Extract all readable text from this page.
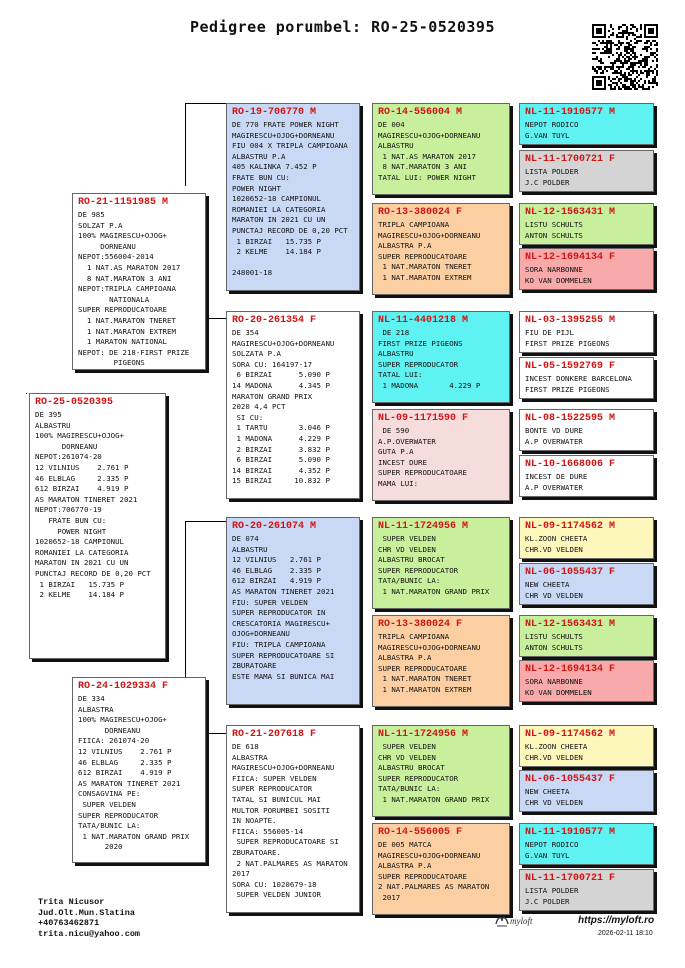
Pedigree porumbel: RO-25-0520395
RO-25-0520395
DE 395
ALBASTRU
100% MAGIRESCU+OJOG+
DORNEANU
NEPOT:261074-20
12 VILNIUS    2.761 P
46 ELBLAG     2.335 P
612 BIRZAI    4.919 P
AS MARATON TINERET 2021
NEPOT:706770-19
FRATE BUN CU:
POWER NIGHT
1020652-18 CAMPIONUL
ROMANIEI LA CATEGORIA
MARATON IN 2021 CU UN
PUNCTAJ RECORD DE 0,20 PCT
1 BIRZAI   15.735 P
2 KELME    14.184 P
RO-21-1151985 M
DE 985
SOLZAT P.A
100% MAGIRESCU+OJOG+
DORNEANU
NEPOT:556004-2014
1 NAT.AS MARATON 2017
8 NAT.MARATON 3 ANI
NEPOT:TRIPLA CAMPIOANA
NATIONALA
SUPER REPRODUCATOARE
1 NAT.MARATON TNERET
1 NAT.MARATON EXTREM
1 MARATON NATIONAL
NEPOT: DE 218-FIRST PRIZE
PIGEONS
RO-24-1029334 F
DE 334
ALBASTRA
100% MAGIRESCU+OJOG+
DORNEANU
FIICA: 261074-20
12 VILNIUS    2.761 P
46 ELBLAG     2.335 P
612 BIRZAI    4.919 P
AS MARATON TINERET 2021
CONSAGVINA PE:
SUPER VELDEN
SUPER REPRODUCATOR
TATA/BUNIC LA:
1 NAT.MARATON GRAND PRIX
2020
RO-19-706770 M
DE 770 FRATE POWER NIGHT
MAGIRESCU+OJOG+DORNEANU
FIU 004 X TRIPLA CAMPIOANA
ALBASTRU P.A
405 KALINKA 7.452 P
FRATE BUN CU:
POWER NIGHT
1020652-18 CAMPIONUL
ROMANIEI LA CATEGORIA
MARATON IN 2021 CU UN
PUNCTAJ RECORD DE 0,20 PCT
1 BIRZAI   15.735 P
2 KELME    14.184 P

248001-18
RO-20-261354 F
DE 354
MAGIRESCU+OJOG+DORNEANU
SOLZATA P.A
SORA CU: 164197-17
6 BIRZAI      5.090 P
14 MADONA      4.345 P
MARATON GRAND PRIX
2020 4,4 PCT
SI CU:
1 TARTU       3.046 P
1 MADONA      4.229 P
2 BIRZAI      3.832 P
6 BIRZAI      5.090 P
14 BIRZAI      4.352 P
15 BIRZAI     10.832 P
RO-20-261074 M
DE 074
ALBASTRU
12 VILNIUS   2.761 P
46 ELBLAG    2.335 P
612 BIRZAI   4.919 P
AS MARATON TINERET 2021
FIU: SUPER VELDEN
SUPER REPRODUCATOR IN
CRESCATORIA MAGIRESCU+
OJOG+DORNEANU
FIU: TRIPLA CAMPIOANA
SUPER REPRODUCATOARE SI
ZBURATOARE
ESTE MAMA SI BUNICA MAI
RO-21-207618 F
DE 618
ALBASTRA
MAGIRESCU+OJOG+DORNEANU
FIICA: SUPER VELDEN
SUPER REPRODUCATOR
TATAL SI BUNICUL MAI
MULTOR PORUMBEI SOSITI
IN NOAPTE.
FIICA: 556005-14
SUPER REPRODUCATOARE SI
ZBURATOARE.
2 NAT.PALMARES AS MARATON
2017
SORA CU: 1020679-18
SUPER VELDEN JUNIOR
RO-14-556004 M
DE 004
MAGIRESCU+OJOG+DORNEANU
ALBASTRU
1 NAT.AS MARATON 2017
8 NAT.MARATON 3 ANI
TATAL LUI: POWER NIGHT
RO-13-380024 F
TRIPLA CAMPIOANA
MAGIRESCU+OJOG+DORNEANU
ALBASTRA P.A
SUPER REPRODUCATOARE
1 NAT.MARATON TNERET
1 NAT.MARATON EXTREM
NL-11-4401218 M
DE 218
FIRST PRIZE PIGEONS
ALBASTRU
SUPER REPRODUCATOR
TATAL LUI:
1 MADONA       4.229 P
NL-09-1171590 F
DE 590
A.P.OVERWATER
GUTA P.A
INCEST DURE
SUPER REPRODUCATOARE
MAMA LUI:
NL-11-1724956 M
SUPER VELDEN
CHR VD VELDEN
ALBASTRU BROCAT
SUPER REPRODUCATOR
TATA/BUNIC LA:
1 NAT.MARATON GRAND PRIX
RO-13-380024 F
TRIPLA CAMPIOANA
MAGIRESCU+OJOG+DORNEANU
ALBASTRA P.A
SUPER REPRODUCATOARE
1 NAT.MARATON TNERET
1 NAT.MARATON EXTREM
NL-11-1724956 M
SUPER VELDEN
CHR VD VELDEN
ALBASTRU BROCAT
SUPER REPRODUCATOR
TATA/BUNIC LA:
1 NAT.MARATON GRAND PRIX
RO-14-556005 F
DE 005 MATCA
MAGIRESCU+OJOG+DORNEANU
ALBASTRA P.A
SUPER REPRODUCATOARE
2 NAT.PALMARES AS MARATON
2017
NL-11-1910577 M
NEPOT RODICO
G.VAN TUYL
NL-11-1700721 F
LISTA POLDER
J.C POLDER
NL-12-1563431 M
LISTU SCHULTS
ANTON SCHULTS
NL-12-1694134 F
SORA NARBONNE
KO VAN DOMMELEN
NL-03-1395255 M
FIU DE PIJL
FIRST PRIZE PIGEONS
NL-05-1592769 F
INCEST DONKERE BARCELONA
FIRST PRIZE PIGEONS
NL-08-1522595 M
BONTE VD DURE
A.P OVERWATER
NL-10-1668006 F
INCEST DE DURE
A.P OVERWATER
NL-09-1174562 M
KL.ZOON CHEETA
CHR.VD VELDEN
NL-06-1055437 F
NEW CHEETA
CHR VD VELDEN
NL-12-1563431 M
LISTU SCHULTS
ANTON SCHULTS
NL-12-1694134 F
SORA NARBONNE
KO VAN DOMMELEN
NL-09-1174562 M
KL.ZOON CHEETA
CHR.VD VELDEN
NL-06-1055437 F
NEW CHEETA
CHR VD VELDEN
NL-11-1910577 M
NEPOT RODICO
G.VAN TUYL
NL-11-1700721 F
LISTA POLDER
J.C POLDER
Trita Nicusor
Jud.Olt.Mun.Slatina
+40763462871
trita.nicu@yahoo.com
myloft	https://myloft.ro
2026-02-11 18:10
